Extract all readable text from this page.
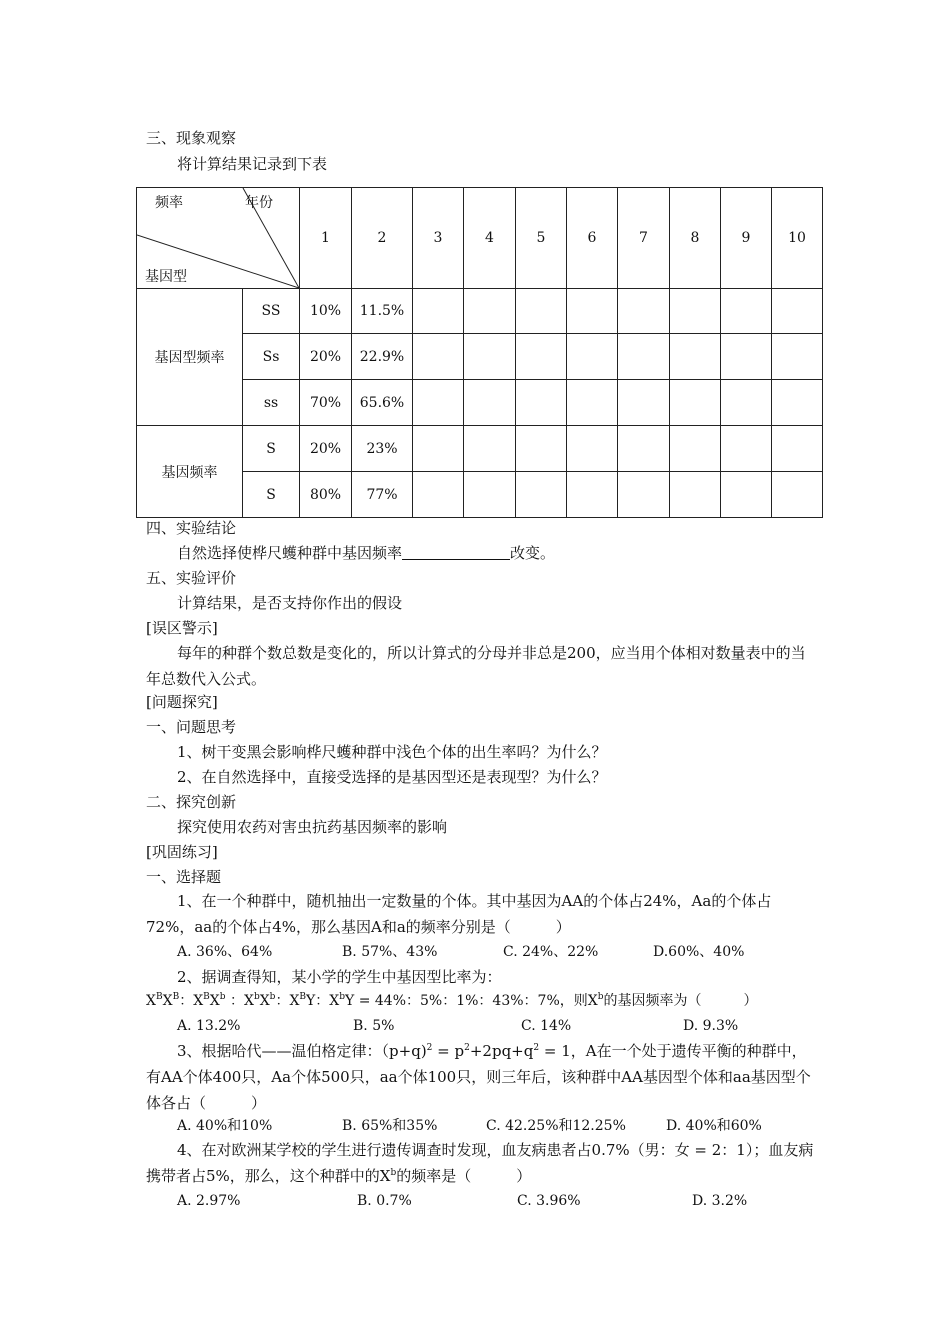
三、现象观察
将计算结果记录到下表
频率 年份
基因型		1	2	3	4	5	6	7	8	9	10
基因型频率	SS	10%	11.5%								
	Ss	20%	22.9%								
	ss	70%	65.6%								
基因频率	S	20%	23%								
	S	80%	77%								
四、实验结论
自然选择使桦尺蠖种群中基因频率	改变。
五、实验评价
计算结果，是否支持你作出的假设
[误区警示]
每年的种群个数总数是变化的，所以计算式的分母并非总是200，应当用个体相对数量表中的当年总数代入公式。
[问题探究]
一、问题思考
1、树干变黑会影响桦尺蠖种群中浅色个体的出生率吗？为什么？
2、在自然选择中，直接受选择的是基因型还是表现型？为什么？
二、探究创新
探究使用农药对害虫抗药基因频率的影响
[巩固练习]
一、选择题
1、在一个种群中，随机抽出一定数量的个体。其中基因为AA的个体占24%，Aa的个体占72%，aa的个体占4%，那么基因A和a的频率分别是（　　　）
A. 36%、64%	B. 57%、43%	C. 24%、22%	D.60%、40%
2、据调查得知，某小学的学生中基因型比率为：
$X^BX^B$：$X^BX^b$ ：$X^bX^b$：$X^BY$：$X^bY = 44\%$：5%：1%：43%：7%，则$X^b$的基因频率为（　　　）
A. 13.2%	B. 5%	C. 14%	D. 9.3%
3、根据哈代——温伯格定律：$(p+q)^2 = p^2+2pq+q^2 = 1$，A在一个处于遗传平衡的种群中，有AA个体400只，Aa个体500只，aa个体100只，则三年后，该种群中AA基因型个体和aa基因型个体各占（　　　）
A. 40%和10%	B. 65%和35%	C. 42.25%和12.25%	D. 40%和60%
4、在对欧洲某学校的学生进行遗传调查时发现，血友病患者占0.7%（男：女 = 2：1）；血友病携带者占5%，那么，这个种群中的$X^b$的频率是（　　　）
A. 2.97%	B. 0.7%	C. 3.96%	D. 3.2%
